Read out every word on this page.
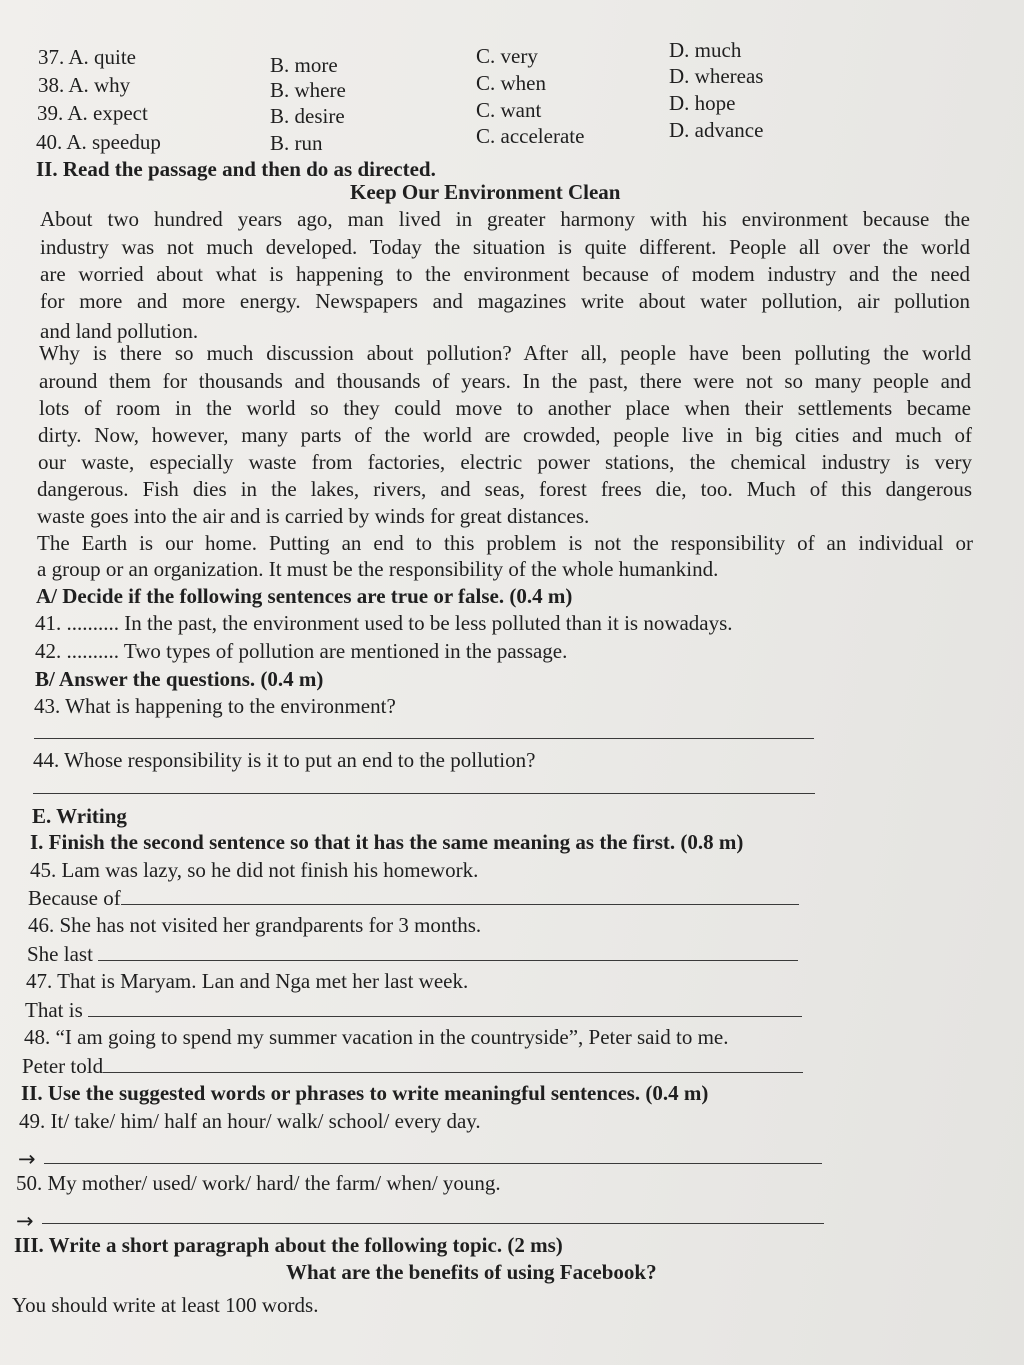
37. A. quite	B. more	C. very	D. much
38. A. why	B. where	C. when	D. whereas
39. A. expect	B. desire	C. want	D. hope
40. A. speedup	B. run	C. accelerate	D. advance
II. Read the passage and then do as directed.
Keep Our Environment Clean
About two hundred years ago, man lived in greater harmony with his environment because the
industry was not much developed. Today the situation is quite different. People all over the world
are worried about what is happening to the environment because of modem industry and the need
for more and more energy. Newspapers and magazines write about water pollution, air pollution
and land pollution.
Why is there so much discussion about pollution? After all, people have been polluting the world
around them for thousands and thousands of years. In the past, there were not so many people and
lots of room in the world so they could move to another place when their settlements became
dirty. Now, however, many parts of the world are crowded, people live in big cities and much of
our waste, especially waste from factories, electric power stations, the chemical industry is very
dangerous. Fish dies in the lakes, rivers, and seas, forest frees die, too. Much of this dangerous
waste goes into the air and is carried by winds for great distances.
The Earth is our home. Putting an end to this problem is not the responsibility of an individual or
a group or an organization. It must be the responsibility of the whole humankind.
A/ Decide if the following sentences are true or false. (0.4 m)
41. .......... In the past, the environment used to be less polluted than it is nowadays.
42. .......... Two types of pollution are mentioned in the passage.
B/ Answer the questions. (0.4 m)
43. What is happening to the environment?
44. Whose responsibility is it to put an end to the pollution?
E. Writing
I. Finish the second sentence so that it has the same meaning as the first. (0.8 m)
45. Lam was lazy, so he did not finish his homework.
Because of
46. She has not visited her grandparents for 3 months.
She last
47. That is Maryam. Lan and Nga met her last week.
That is
48. “I am going to spend my summer vacation in the countryside”, Peter said to me.
Peter told
II. Use the suggested words or phrases to write meaningful sentences. (0.4 m)
49. It/ take/ him/ half an hour/ walk/ school/ every day.
→
50. My mother/ used/ work/ hard/ the farm/ when/ young.
→
III. Write a short paragraph about the following topic. (2 ms)
What are the benefits of using Facebook?
You should write at least 100 words.
